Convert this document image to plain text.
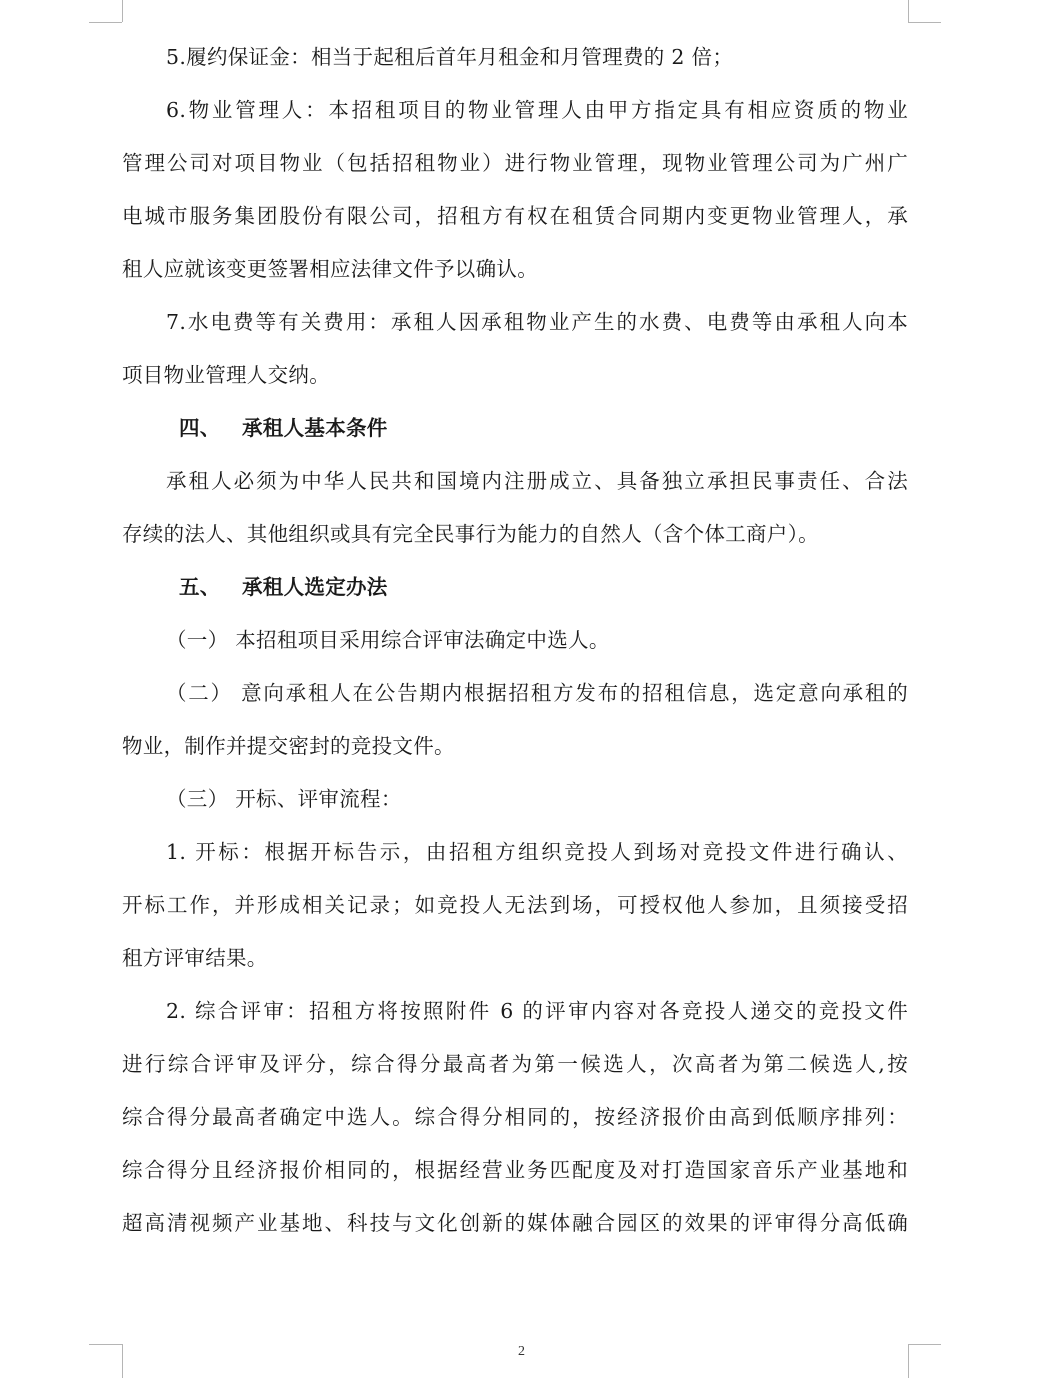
5.履约保证金：相当于起租后首年月租金和月管理费的 2 倍；
6.物业管理人：本招租项目的物业管理人由甲方指定具有相应资质的物业
管理公司对项目物业（包括招租物业）进行物业管理，现物业管理公司为广州广
电城市服务集团股份有限公司，招租方有权在租赁合同期内变更物业管理人，承
租人应就该变更签署相应法律文件予以确认。
7.水电费等有关费用：承租人因承租物业产生的水费、电费等由承租人向本
项目物业管理人交纳。
四、 承租人基本条件
承租人必须为中华人民共和国境内注册成立、具备独立承担民事责任、合法
存续的法人、其他组织或具有完全民事行为能力的自然人（含个体工商户）。
五、 承租人选定办法
（一） 本招租项目采用综合评审法确定中选人。
（二） 意向承租人在公告期内根据招租方发布的招租信息，选定意向承租的
物业，制作并提交密封的竞投文件。
（三） 开标、评审流程：
1. 开标：根据开标告示，由招租方组织竞投人到场对竞投文件进行确认、
开标工作，并形成相关记录；如竞投人无法到场，可授权他人参加，且须接受招
租方评审结果。
2. 综合评审：招租方将按照附件 6 的评审内容对各竞投人递交的竞投文件
进行综合评审及评分，综合得分最高者为第一候选人，次高者为第二候选人,按
综合得分最高者确定中选人。综合得分相同的，按经济报价由高到低顺序排列：
综合得分且经济报价相同的，根据经营业务匹配度及对打造国家音乐产业基地和
超高清视频产业基地、科技与文化创新的媒体融合园区的效果的评审得分高低确
2
